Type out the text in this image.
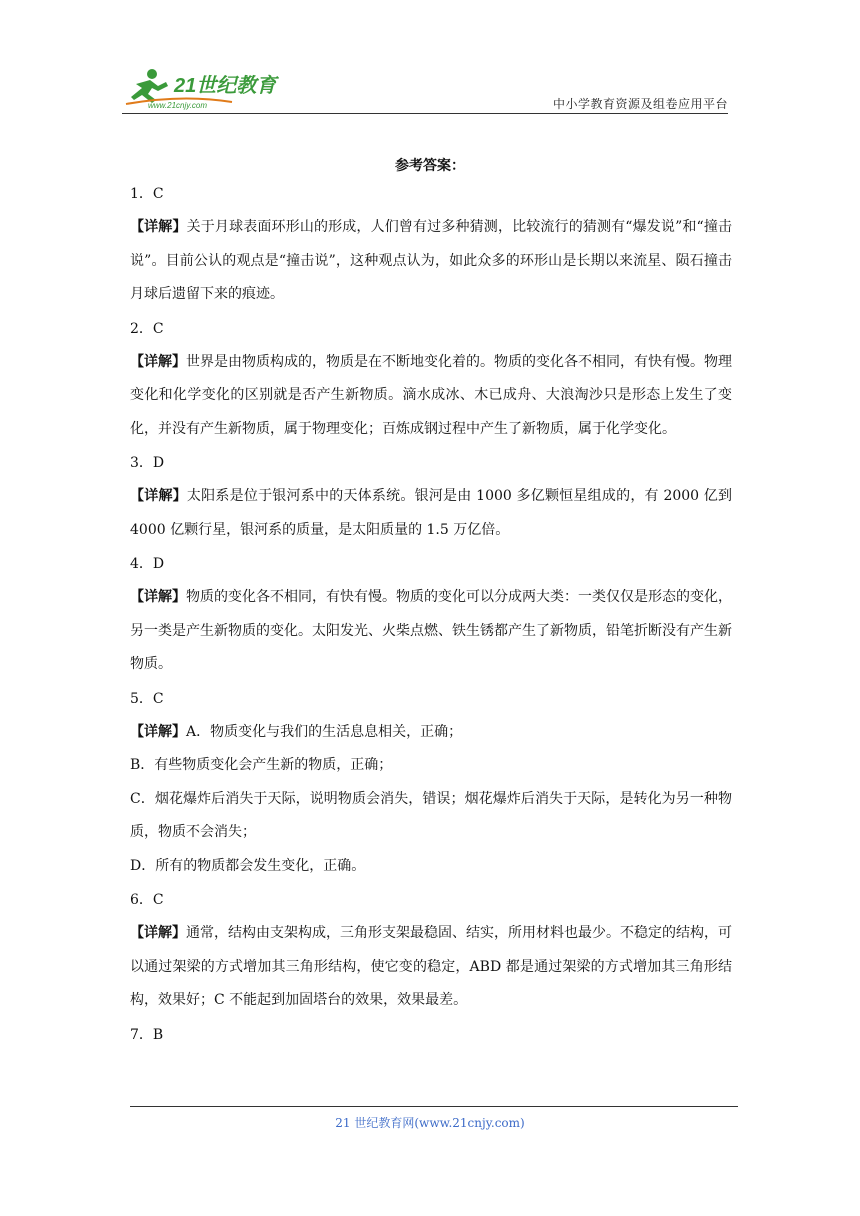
21世纪教育
www.21cnjy.com	中小学教育资源及组卷应用平台
参考答案：
1．C

【详解】关于月球表面环形山的形成，人们曾有过多种猜测，比较流行的猜测有“爆发说”和“撞击说”。目前公认的观点是“撞击说”，这种观点认为，如此众多的环形山是长期以来流星、陨石撞击月球后遗留下来的痕迹。

2．C

【详解】世界是由物质构成的，物质是在不断地变化着的。物质的变化各不相同，有快有慢。物理变化和化学变化的区别就是否产生新物质。滴水成冰、木已成舟、大浪淘沙只是形态上发生了变化，并没有产生新物质，属于物理变化；百炼成钢过程中产生了新物质，属于化学变化。

3．D

【详解】太阳系是位于银河系中的天体系统。银河是由 1000 多亿颗恒星组成的，有 2000 亿到 4000 亿颗行星，银河系的质量，是太阳质量的 1.5 万亿倍。

4．D

【详解】物质的变化各不相同，有快有慢。物质的变化可以分成两大类：一类仅仅是形态的变化，另一类是产生新物质的变化。太阳发光、火柴点燃、铁生锈都产生了新物质，铅笔折断没有产生新物质。

5．C

【详解】A．物质变化与我们的生活息息相关，正确；

B．有些物质变化会产生新的物质，正确；

C．烟花爆炸后消失于天际，说明物质会消失，错误；烟花爆炸后消失于天际，是转化为另一种物质，物质不会消失；

D．所有的物质都会发生变化，正确。

6．C

【详解】通常，结构由支架构成，三角形支架最稳固、结实，所用材料也最少。不稳定的结构，可以通过架梁的方式增加其三角形结构，使它变的稳定，ABD 都是通过架梁的方式增加其三角形结构，效果好；C 不能起到加固塔台的效果，效果最差。

7．B
21 世纪教育网(www.21cnjy.com)
